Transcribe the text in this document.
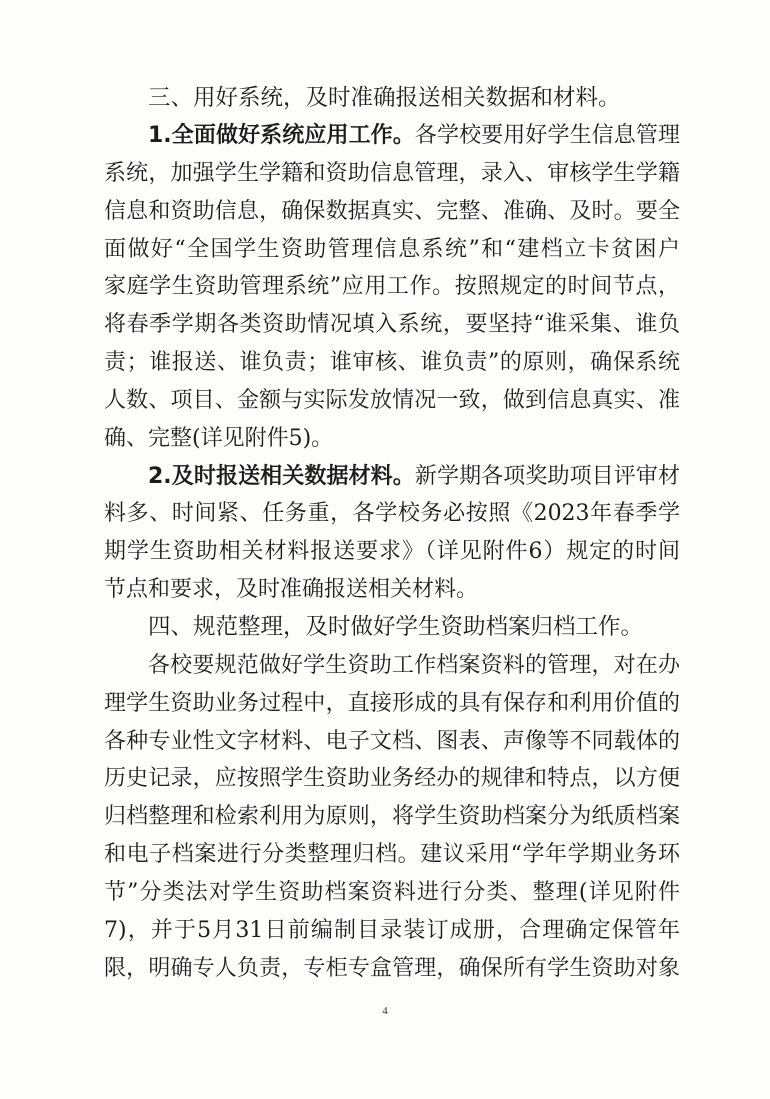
三、用好系统，及时准确报送相关数据和材料。
1.全面做好系统应用工作。各学校要用好学生信息管理
系统，加强学生学籍和资助信息管理，录入、审核学生学籍
信息和资助信息，确保数据真实、完整、准确、及时。要全
面做好“全国学生资助管理信息系统”和“建档立卡贫困户
家庭学生资助管理系统”应用工作。按照规定的时间节点，
将春季学期各类资助情况填入系统，要坚持“谁采集、谁负
责；谁报送、谁负责；谁审核、谁负责”的原则，确保系统
人数、项目、金额与实际发放情况一致，做到信息真实、准
确、完整(详见附件5)。
2.及时报送相关数据材料。新学期各项奖助项目评审材
料多、时间紧、任务重，各学校务必按照《2023年春季学
期学生资助相关材料报送要求》（详见附件6）规定的时间
节点和要求，及时准确报送相关材料。
四、规范整理，及时做好学生资助档案归档工作。
各校要规范做好学生资助工作档案资料的管理，对在办
理学生资助业务过程中，直接形成的具有保存和利用价值的
各种专业性文字材料、电子文档、图表、声像等不同载体的
历史记录，应按照学生资助业务经办的规律和特点，以方便
归档整理和检索利用为原则，将学生资助档案分为纸质档案
和电子档案进行分类整理归档。建议采用“学年学期业务环
节”分类法对学生资助档案资料进行分类、整理(详见附件
7)，并于5月31日前编制目录装订成册，合理确定保管年
限，明确专人负责，专柜专盒管理，确保所有学生资助对象
4
